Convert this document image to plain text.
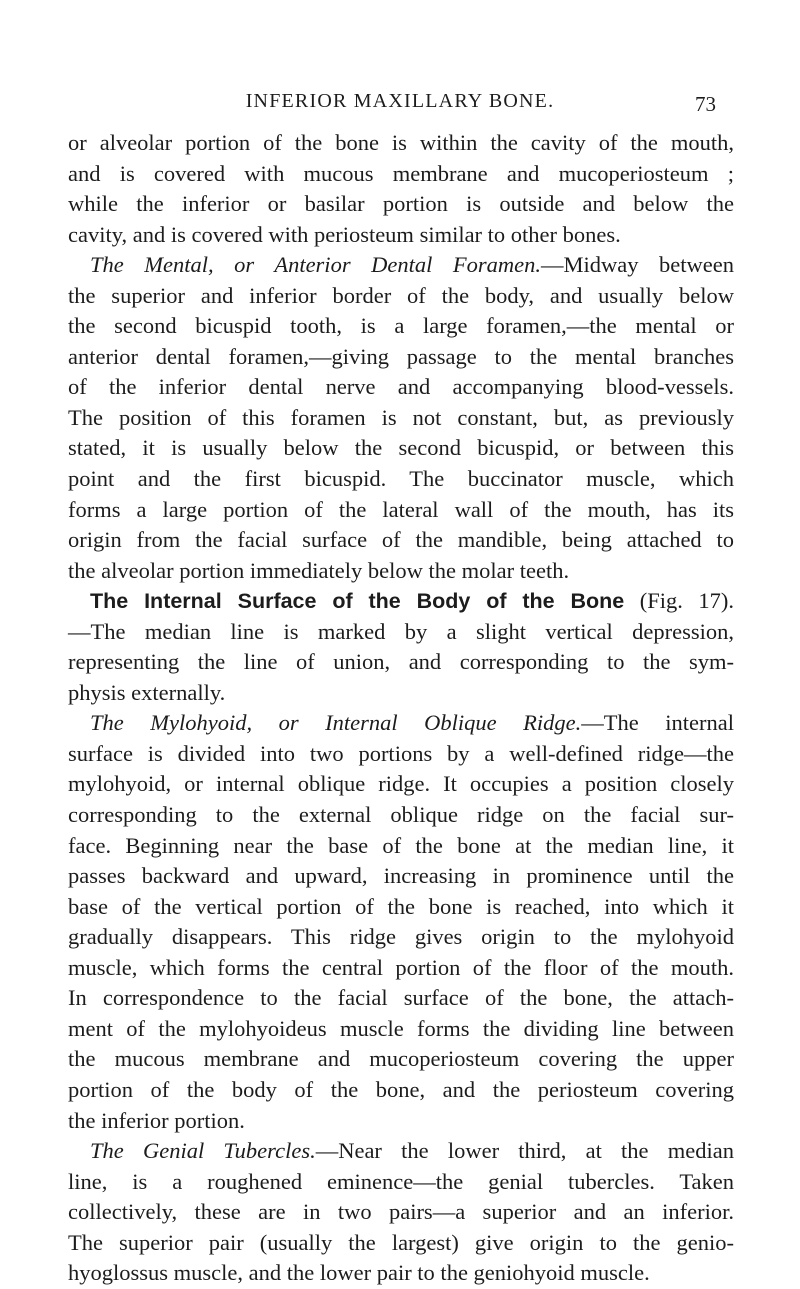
INFERIOR MAXILLARY BONE.	73
or alveolar portion of the bone is within the cavity of the mouth,
and is covered with mucous membrane and mucoperiosteum ;
while the inferior or basilar portion is outside and below the
cavity, and is covered with periosteum similar to other bones.
The Mental, or Anterior Dental Foramen.—Midway between
the superior and inferior border of the body, and usually below
the second bicuspid tooth, is a large foramen,—the mental or
anterior dental foramen,—giving passage to the mental branches
of the inferior dental nerve and accompanying blood-vessels.
The position of this foramen is not constant, but, as previously
stated, it is usually below the second bicuspid, or between this
point and the first bicuspid. The buccinator muscle, which
forms a large portion of the lateral wall of the mouth, has its
origin from the facial surface of the mandible, being attached to
the alveolar portion immediately below the molar teeth.
The Internal Surface of the Body of the Bone (Fig. 17).
—The median line is marked by a slight vertical depression,
representing the line of union, and corresponding to the sym-
physis externally.
The Mylohyoid, or Internal Oblique Ridge.—The internal
surface is divided into two portions by a well-defined ridge—the
mylohyoid, or internal oblique ridge. It occupies a position closely
corresponding to the external oblique ridge on the facial sur-
face. Beginning near the base of the bone at the median line, it
passes backward and upward, increasing in prominence until the
base of the vertical portion of the bone is reached, into which it
gradually disappears. This ridge gives origin to the mylohyoid
muscle, which forms the central portion of the floor of the mouth.
In correspondence to the facial surface of the bone, the attach-
ment of the mylohyoideus muscle forms the dividing line between
the mucous membrane and mucoperiosteum covering the upper
portion of the body of the bone, and the periosteum covering
the inferior portion.
The Genial Tubercles.—Near the lower third, at the median
line, is a roughened eminence—the genial tubercles. Taken
collectively, these are in two pairs—a superior and an inferior.
The superior pair (usually the largest) give origin to the genio-
hyoglossus muscle, and the lower pair to the geniohyoid muscle.
